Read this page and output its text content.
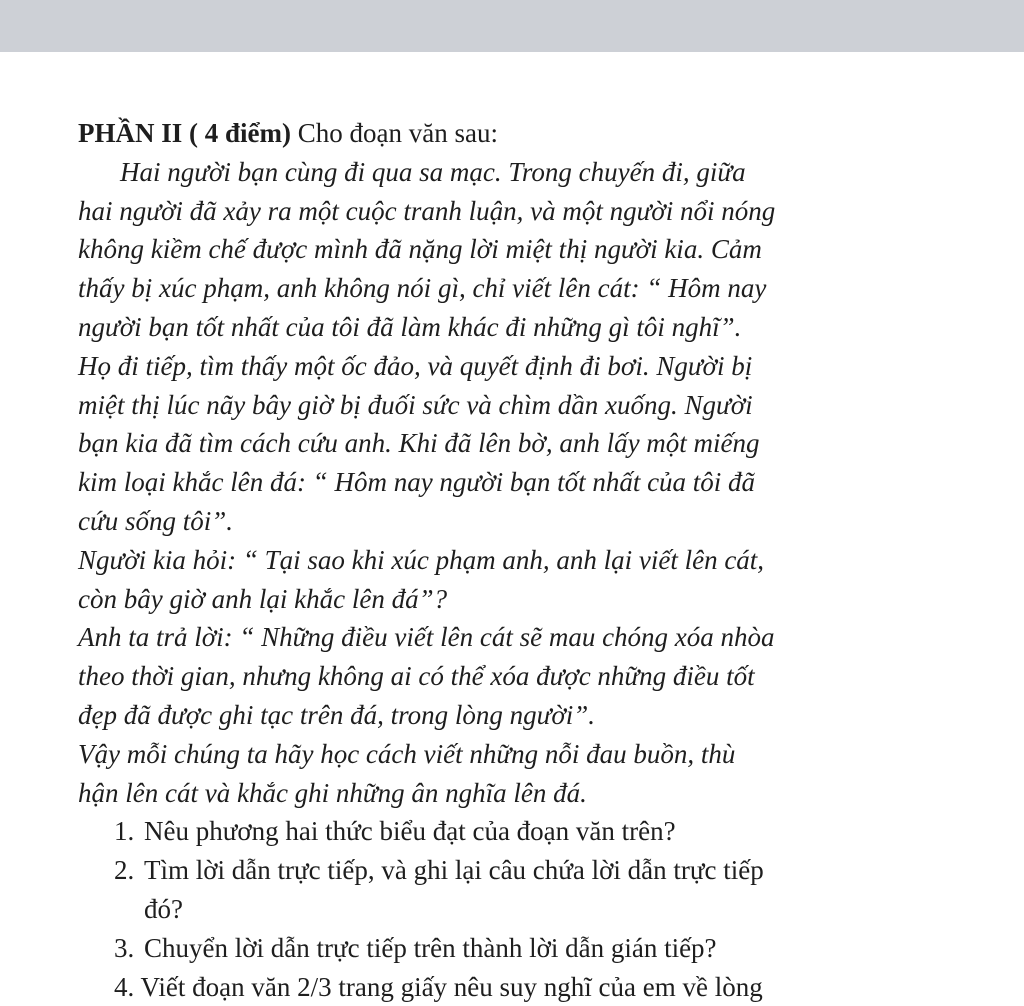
PHẦN II ( 4 điểm) Cho đoạn văn sau:

Hai người bạn cùng đi qua sa mạc. Trong chuyến đi, giữa
hai người đã xảy ra một cuộc tranh luận, và một người nổi nóng
không kiềm chế được mình đã nặng lời miệt thị người kia. Cảm
thấy bị xúc phạm, anh không nói gì, chỉ viết lên cát: “ Hôm nay
người bạn tốt nhất của tôi đã làm khác đi những gì tôi nghĩ”.
Họ đi tiếp, tìm thấy một ốc đảo, và quyết định đi bơi. Người bị
miệt thị lúc nãy bây giờ bị đuối sức và chìm dần xuống. Người
bạn kia đã tìm cách cứu anh. Khi đã lên bờ, anh lấy một miếng
kim loại khắc lên đá: “ Hôm nay người bạn tốt nhất của tôi đã
cứu sống tôi”.
Người kia hỏi: “ Tại sao khi xúc phạm anh, anh lại viết lên cát,
còn bây giờ anh lại khắc lên đá”?
Anh ta trả lời: “ Những điều viết lên cát sẽ mau chóng xóa nhòa
theo thời gian, nhưng không ai có thể xóa được những điều tốt
đẹp đã được ghi tạc trên đá, trong lòng người”.
Vậy mỗi chúng ta hãy học cách viết những nỗi đau buồn, thù
hận lên cát và khắc ghi những ân nghĩa lên đá.
1. Nêu phương hai thức biểu đạt của đoạn văn trên?
2. Tìm lời dẫn trực tiếp, và ghi lại câu chứa lời dẫn trực tiếp
đó?
3. Chuyển lời dẫn trực tiếp trên thành lời dẫn gián tiếp?
4. Viết đoạn văn 2/3 trang giấy nêu suy nghĩ của em về lòng
